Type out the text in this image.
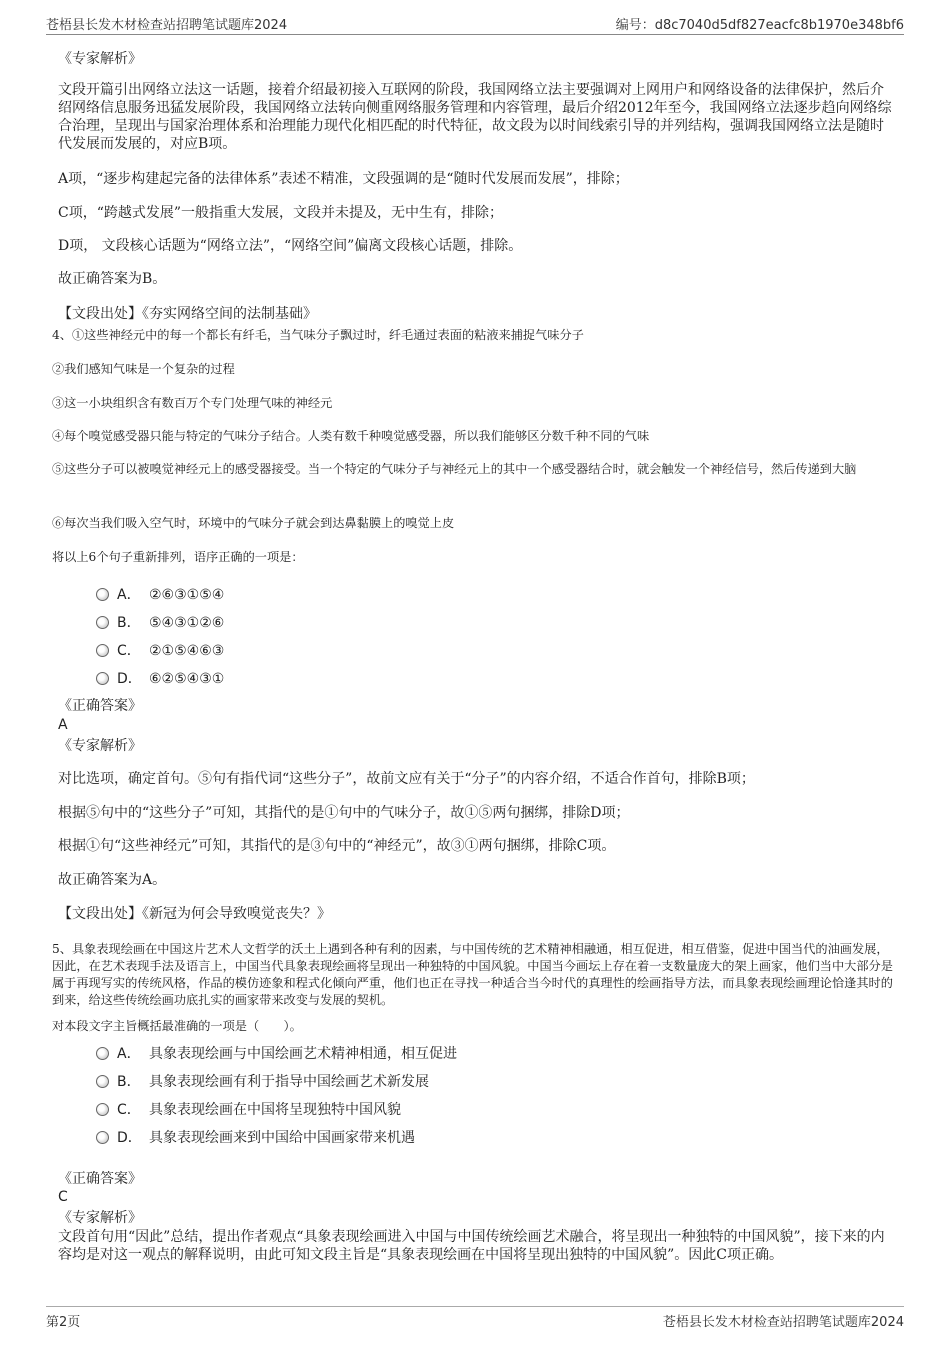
苍梧县长发木材检查站招聘笔试题库2024	编号：d8c7040d5df827eacfc8b1970e348bf6

《专家解析》

文段开篇引出网络立法这一话题，接着介绍最初接入互联网的阶段，我国网络立法主要强调对上网用户和网络设备的法律保护，然后介绍网络信息服务迅猛发展阶段，我国网络立法转向侧重网络服务管理和内容管理，最后介绍2012年至今，我国网络立法逐步趋向网络综合治理，呈现出与国家治理体系和治理能力现代化相匹配的时代特征，故文段为以时间线索引导的并列结构，强调我国网络立法是随时代发展而发展的，对应B项。

A项，“逐步构建起完备的法律体系”表述不精准，文段强调的是“随时代发展而发展”，排除；

C项，“跨越式发展”一般指重大发展，文段并未提及，无中生有，排除；

D项， 文段核心话题为“网络立法”，“网络空间”偏离文段核心话题，排除。

故正确答案为B。

【文段出处】《夯实网络空间的法制基础》

4、①这些神经元中的每一个都长有纤毛，当气味分子飘过时，纤毛通过表面的粘液来捕捉气味分子

②我们感知气味是一个复杂的过程

③这一小块组织含有数百万个专门处理气味的神经元

④每个嗅觉感受器只能与特定的气味分子结合。人类有数千种嗅觉感受器，所以我们能够区分数千种不同的气味

⑤这些分子可以被嗅觉神经元上的感受器接受。当一个特定的气味分子与神经元上的其中一个感受器结合时，就会触发一个神经信号，然后传递到大脑

⑥每次当我们吸入空气时，环境中的气味分子就会到达鼻黏膜上的嗅觉上皮

将以上6个句子重新排列，语序正确的一项是：

A． ②⑥③①⑤④
B． ⑤④③①②⑥
C． ②①⑤④⑥③
D． ⑥②⑤④③①

《正确答案》

A

《专家解析》

对比选项，确定首句。⑤句有指代词“这些分子”，故前文应有关于“分子”的内容介绍，不适合作首句，排除B项；

根据⑤句中的“这些分子”可知，其指代的是①句中的气味分子，故①⑤两句捆绑，排除D项；

根据①句“这些神经元”可知，其指代的是③句中的“神经元”，故③①两句捆绑，排除C项。

故正确答案为A。

【文段出处】《新冠为何会导致嗅觉丧失？》

5、具象表现绘画在中国这片艺术人文哲学的沃土上遇到各种有利的因素，与中国传统的艺术精神相融通，相互促进，相互借鉴，促进中国当代的油画发展，因此，在艺术表现手法及语言上，中国当代具象表现绘画将呈现出一种独特的中国风貌。中国当今画坛上存在着一支数量庞大的架上画家，他们当中大部分是属于再现写实的传统风格，作品的模仿迹象和程式化倾向严重，他们也正在寻找一种适合当今时代的真理性的绘画指导方法，而具象表现绘画理论恰逢其时的到来，给这些传统绘画功底扎实的画家带来改变与发展的契机。

对本段文字主旨概括最准确的一项是（　　）。

A． 具象表现绘画与中国绘画艺术精神相通，相互促进
B． 具象表现绘画有利于指导中国绘画艺术新发展
C． 具象表现绘画在中国将呈现独特中国风貌
D． 具象表现绘画来到中国给中国画家带来机遇

《正确答案》

C

《专家解析》

文段首句用“因此”总结，提出作者观点“具象表现绘画进入中国与中国传统绘画艺术融合，将呈现出一种独特的中国风貌”，接下来的内容均是对这一观点的解释说明，由此可知文段主旨是“具象表现绘画在中国将呈现出独特的中国风貌”。因此C项正确。

第2页	苍梧县长发木材检查站招聘笔试题库2024
